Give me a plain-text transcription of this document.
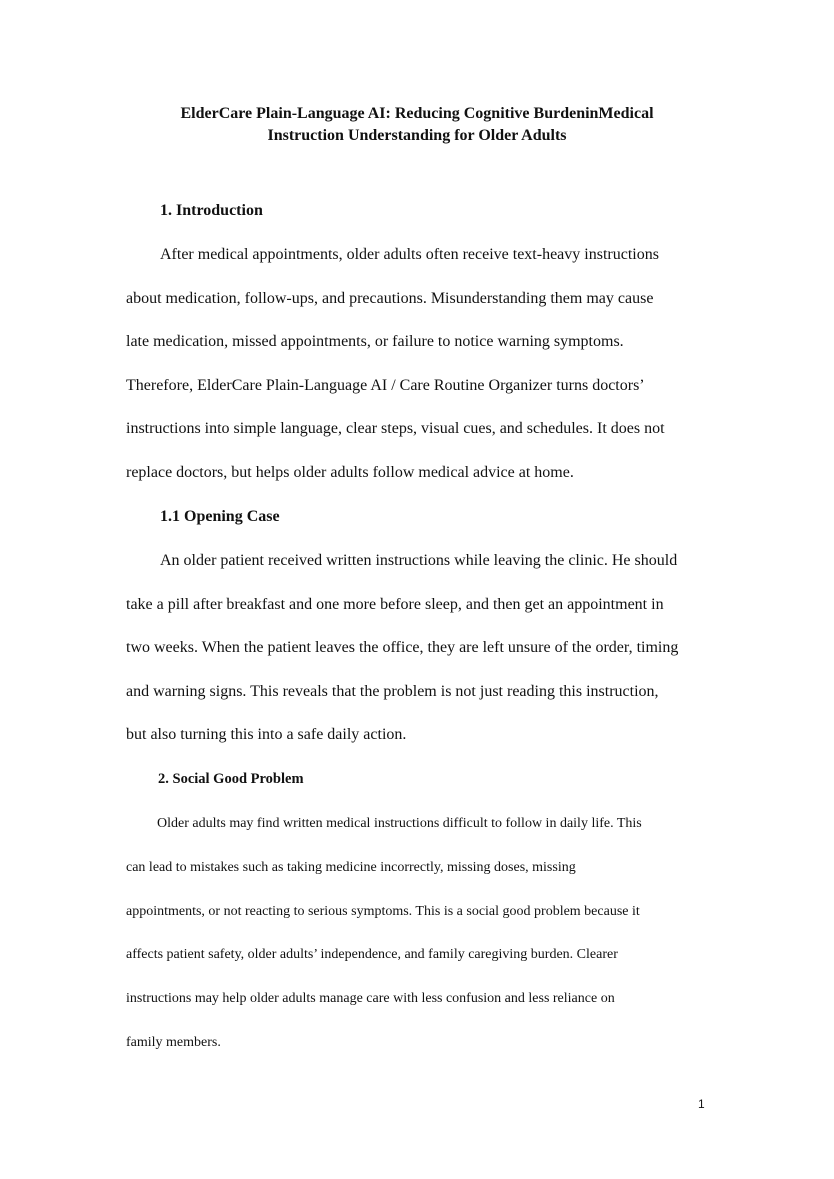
ElderCare Plain-Language AI: Reducing Cognitive BurdeninMedical
Instruction Understanding for Older Adults
1. Introduction

After medical appointments, older adults often receive text-heavy instructions

about medication, follow-ups, and precautions. Misunderstanding them may cause

late medication, missed appointments, or failure to notice warning symptoms.

Therefore, ElderCare Plain-Language AI / Care Routine Organizer turns doctors’

instructions into simple language, clear steps, visual cues, and schedules. It does not

replace doctors, but helps older adults follow medical advice at home.

1.1 Opening Case

An older patient received written instructions while leaving the clinic. He should

take a pill after breakfast and one more before sleep, and then get an appointment in

two weeks. When the patient leaves the office, they are left unsure of the order, timing

and warning signs. This reveals that the problem is not just reading this instruction,

but also turning this into a safe daily action.

2. Social Good Problem

Older adults may find written medical instructions difficult to follow in daily life. This

can lead to mistakes such as taking medicine incorrectly, missing doses, missing

appointments, or not reacting to serious symptoms. This is a social good problem because it

affects patient safety, older adults’ independence, and family caregiving burden. Clearer

instructions may help older adults manage care with less confusion and less reliance on

family members.

1
